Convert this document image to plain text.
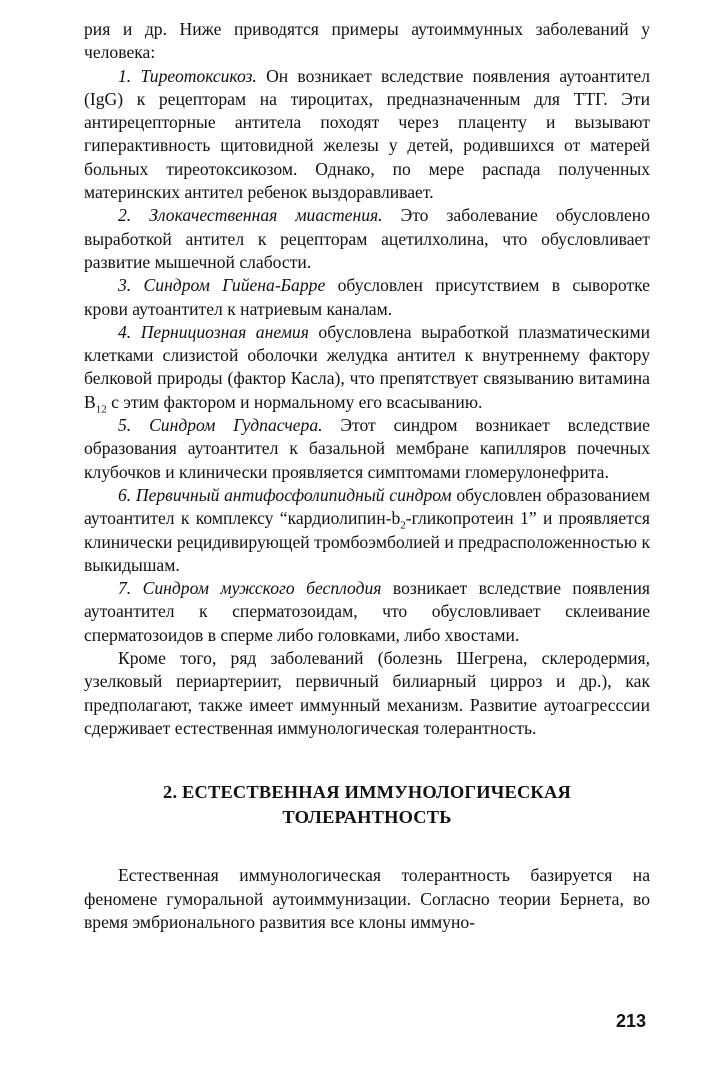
рия и др. Ниже приводятся примеры аутоиммунных заболеваний у человека:

1. Тиреотоксикоз. Он возникает вследствие появления аутоантител (IgG) к рецепторам на тироцитах, предназначенным для ТТГ. Эти антирецепторные антитела походят через плаценту и вызывают гиперактивность щитовидной железы у детей, родившихся от матерей больных тиреотоксикозом. Однако, по мере распада полученных материнских антител ребенок выздоравливает.

2. Злокачественная миастения. Это заболевание обусловлено выработкой антител к рецепторам ацетилхолина, что обусловливает развитие мышечной слабости.

3. Синдром Гийена-Барре обусловлен присутствием в сыворотке крови аутоантител к натриевым каналам.

4. Пернициозная анемия обусловлена выработкой плазматическими клетками слизистой оболочки желудка антител к внутреннему фактору белковой природы (фактор Касла), что препятствует связыванию витамина $B_{12}$ с этим фактором и нормальному его всасыванию.

5. Синдром Гудпасчера. Этот синдром возникает вследствие образования аутоантител к базальной мембране капилляров почечных клубочков и клинически проявляется симптомами гломерулонефрита.

6. Первичный антифосфолипидный синдром обусловлен образованием аутоантител к комплексу “$кардиолипин-b_2$-гликопротеин 1” и проявляется клинически рецидивирующей тромбоэмболией и предрасположенностью к выкидышам.

7. Синдром мужского бесплодия возникает вследствие появления аутоантител к сперматозоидам, что обусловливает склеивание сперматозоидов в сперме либо головками, либо хвостами.

Кроме того, ряд заболеваний (болезнь Шегрена, склеродермия, узелковый периартериит, первичный билиарный цирроз и др.), как предполагают, также имеет иммунный механизм. Развитие аутоагрессcии сдерживает естественная иммунологическая толерантность.

2. ЕСТЕСТВЕННАЯ ИММУНОЛОГИЧЕСКАЯ
ТОЛЕРАНТНОСТЬ

Естественная иммунологическая толерантность базируется на феномене гуморальной аутоиммунизации. Согласно теории Бернета, во время эмбрионального развития все клоны иммуно-

213
